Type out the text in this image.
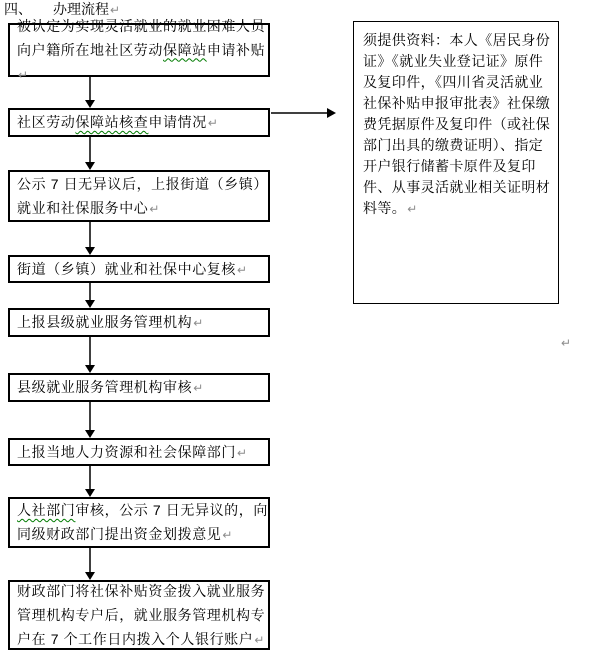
四、 办理流程↵
被认定为实现灵活就业的就业困难人员向户籍所在地社区劳动保障站申请补贴↵
社区劳动保障站核查申请情况↵
公示 7 日无异议后，上报街道（乡镇）就业和社保服务中心↵
街道（乡镇）就业和社保中心复核↵
上报县级就业服务管理机构↵
县级就业服务管理机构审核↵
上报当地人力资源和社会保障部门↵
人社部门审核，公示 7 日无异议的，向同级财政部门提出资金划拨意见↵
财政部门将社保补贴资金拨入就业服务管理机构专户后，就业服务管理机构专户在 7 个工作日内拨入个人银行账户↵
须提供资料：本人《居民身份证》《就业失业登记证》原件及复印件，《四川省灵活就业社保补贴申报审批表》社保缴费凭据原件及复印件（或社保部门出具的缴费证明）、指定开户银行储蓄卡原件及复印件、从事灵活就业相关证明材料等。↵
↵
